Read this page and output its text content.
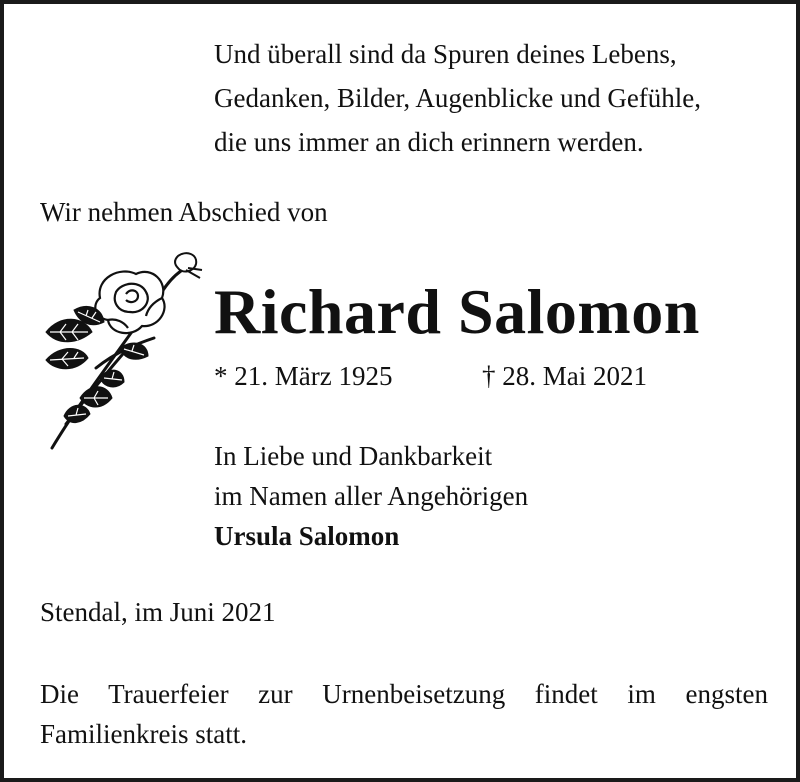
Und überall sind da Spuren deines Lebens,
Gedanken, Bilder, Augenblicke und Gefühle,
die uns immer an dich erinnern werden.
Wir nehmen Abschied von
Richard Salomon
* 21. März 1925	† 28. Mai 2021
In Liebe und Dankbarkeit
im Namen aller Angehörigen
Ursula Salomon
Stendal, im Juni 2021
Die Trauerfeier zur Urnenbeisetzung findet im engsten Familienkreis statt.
